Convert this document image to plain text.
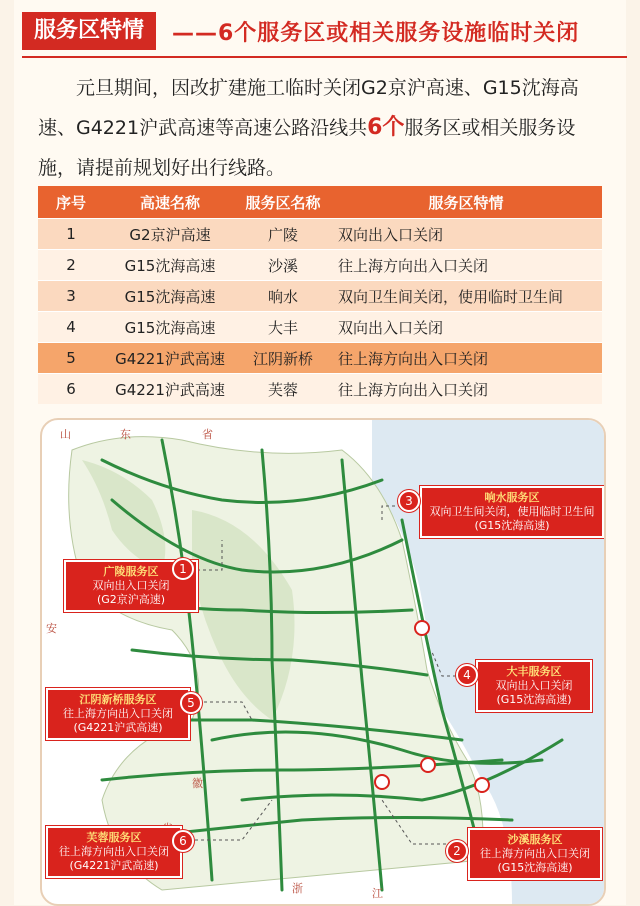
服务区特情	——6个服务区或相关服务设施临时关闭
元旦期间，因改扩建施工临时关闭G2京沪高速、G15沈海高速、G4221沪武高速等高速公路沿线共6个服务区或相关服务设施，请提前规划好出行线路。
序号	高速名称	服务区名称	服务区特情
1	G2京沪高速	广陵	双向出入口关闭
2	G15沈海高速	沙溪	往上海方向出入口关闭
3	G15沈海高速	响水	双向卫生间关闭，使用临时卫生间
4	G15沈海高速	大丰	双向出入口关闭
5	G4221沪武高速	江阴新桥	往上海方向出入口关闭
6	G4221沪武高速	芙蓉	往上海方向出入口关闭
山	东	省
安
徽
浙	江
广陵服务区
双向出入口关闭
(G2京沪高速)
1
响水服务区
双向卫生间关闭，使用临时卫生间
(G15沈海高速)
3
大丰服务区
双向出入口关闭
(G15沈海高速)
4
江阴新桥服务区
往上海方向出入口关闭
(G4221沪武高速)
5
芙蓉服务区
往上海方向出入口关闭
(G4221沪武高速)
6	沙溪服务区
往上海方向出入口关闭
(G15沈海高速)
2
